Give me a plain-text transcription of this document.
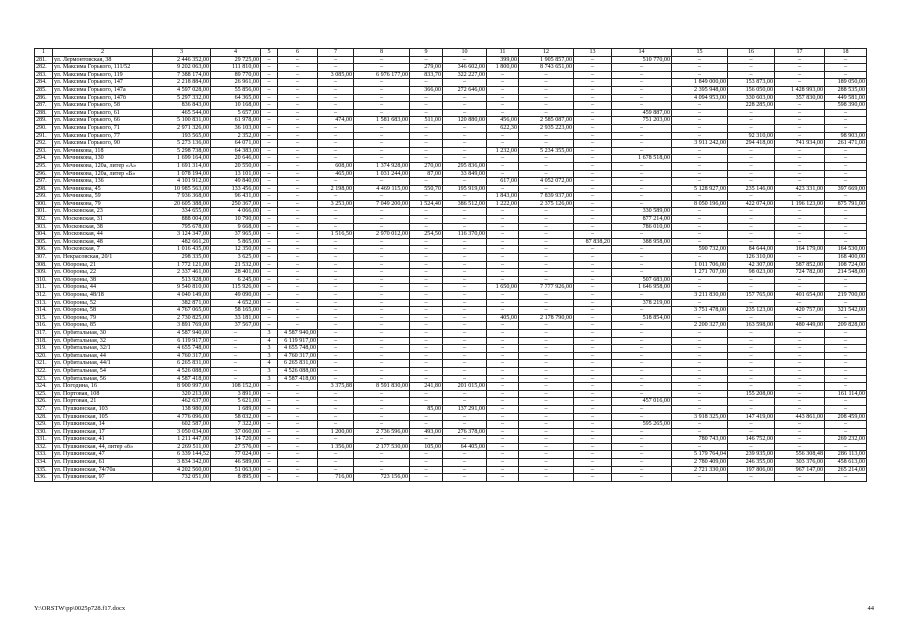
1	2	3	4	5	6	7	8	9	10	11	12	13	14	15	16	17	18
281.	ул. Лермонтовская, 38	2 446 352,00	29 725,00	–	–	–	–	–	–	399,00	1 905 857,00	–	510 770,00	–	–	–	–
282.	ул. Максима Горького, 111/52	9 202 063,00	111 810,00	–	–	–	–	279,00	346 602,00	1 800,00	8 743 651,00	–	–	–	–	–	–
283.	ул. Максима Горького, 119	7 388 174,00	89 770,00	–	–	3 085,00	6 976 177,00	833,70	322 227,00	–	–	–	–	–	–	–	–
284.	ул. Максима Горького, 147	2 218 884,00	26 961,00	–	–	–	–	–	–	–	–	–	–	1 849 000,00	153 873,00	–	189 050,00
285.	ул. Максима Горького, 147а	4 597 028,00	55 856,00	–	–	–	–	366,00	272 646,00	–	–	–	–	2 395 948,00	156 050,00	1 428 993,00	288 535,00
286.	ул. Максима Горького, 147б	5 297 332,00	64 365,00	–	–	–	–	–	–	–	–	–	–	4 094 953,00	330 603,00	357 830,00	449 581,00
287.	ул. Максима Горького, 58	836 843,00	10 168,00	–	–	–	–	–	–	–	–	–	–	–	228 285,00	–	598 390,00
288.	ул. Максима Горького, 61	465 544,00	5 657,00	–	–	–	–	–	–	–	–	–	459 887,00	–	–	–	–
289.	ул. Максима Горького, 66	5 100 831,00	61 978,00	–	–	474,00	1 581 683,00	511,00	120 880,00	456,00	2 585 087,00	–	751 203,00	–	–	–	–
290.	ул. Максима Горького, 71	2 971 326,00	36 103,00	–	–	–	–	–	–	622,30	2 935 223,00	–	–	–	–	–	–
291.	ул. Максима Горького, 77	193 565,00	2 352,00	–	–	–	–	–	–	–	–	–	–	–	92 310,00	–	98 903,00
292.	ул. Максима Горького, 90	5 273 136,00	64 071,00	–	–	–	–	–	–	–	–	–	–	3 911 242,00	294 418,00	741 934,00	261 471,00
293.	ул. Мечникова, 118	5 298 738,00	64 383,00	–	–	–	–	–	–	1 232,00	5 234 355,00	–	–	–	–	–	–
294.	ул. Мечникова, 130	1 699 164,00	20 646,00	–	–	–	–	–	–	–	–	–	1 678 518,00	–	–	–	–
295.	ул. Мечникова, 120а, литер «А»	1 691 314,00	20 550,00	–	–	608,00	1 374 928,00	270,00	295 836,00	–	–	–	–	–	–	–	–
296.	ул. Мечникова, 120а, литер «Б»	1 078 194,00	13 101,00	–	–	465,00	1 031 244,00	87,00	33 849,00	–	–	–	–	–	–	–	–
297.	ул. Мечникова, 136	4 101 912,00	49 840,00	–	–	–	–	–	–	617,00	4 052 072,00	–	–	–	–	–	–
298.	ул. Мечникова, 45	10 985 563,00	133 456,00	–	–	2 198,00	4 469 115,00	550,70	195 919,00	–	–	–	–	5 128 927,00	235 146,00	423 331,00	397 669,00
299.	ул. Мечникова, 59	7 936 368,00	96 431,00	–	–	–	–	–	–	1 843,00	7 839 937,00	–	–	–	–	–	–
300.	ул. Мечникова, 79	20 605 388,00	250 367,00	–	–	3 253,00	7 049 200,00	1 524,40	386 512,00	1 222,00	2 375 126,00	–	–	8 050 196,00	422 074,00	1 196 123,00	875 791,00
301.	ул. Московская, 23	334 655,00	4 066,00	–	–	–	–	–	–	–	–	–	330 589,00	–	–	–	–
302.	ул. Московская, 31	888 004,00	10 790,00	–	–	–	–	–	–	–	–	–	877 214,00	–	–	–	–
303.	ул. Московская, 38	795 678,00	9 668,00	–	–	–	–	–	–	–	–	–	786 010,00	–	–	–	–
304.	ул. Московская, 44	3 124 347,00	37 965,00	–	–	1 516,50	2 970 012,00	254,50	116 370,00	–	–	–	–	–	–	–	–
305.	ул. Московская, 48	482 661,20	5 865,00	–	–	–	–	–	–	–	–	87 838,20	388 958,00	–	–	–	–
306.	ул. Московская, 7	1 016 435,00	12 350,00	–	–	–	–	–	–	–	–	–	–	590 732,00	84 644,00	164 179,00	164 530,00
307.	ул. Некрасовская, 20/1	298 335,00	3 625,00	–	–	–	–	–	–	–	–	–	–	–	126 310,00	–	168 400,00
308.	ул. Обороны, 21	1 772 121,00	21 532,00	–	–	–	–	–	–	–	–	–	–	1 011 706,00	42 307,00	587 852,00	108 724,00
309.	ул. Обороны, 22	2 337 461,00	28 401,00	–	–	–	–	–	–	–	–	–	–	1 271 707,00	98 023,00	724 782,00	214 548,00
310.	ул. Обороны, 38	513 928,00	6 245,00	–	–	–	–	–	–	–	–	–	507 683,00	–	–	–	–
311.	ул. Обороны, 44	9 540 810,00	115 926,00	–	–	–	–	–	–	1 650,00	7 777 926,00	–	1 646 958,00	–	–	–	–
312.	ул. Обороны, 48/18	4 040 149,00	49 090,00	–	–	–	–	–	–	–	–	–	–	3 211 830,00	157 765,00	401 654,00	219 700,00
313.	ул. Обороны, 52	382 871,00	4 652,00	–	–	–	–	–	–	–	–	–	378 219,00	–	–	–	–
314.	ул. Обороны, 58	4 767 065,00	58 165,00	–	–	–	–	–	–	–	–	–	–	3 751 478,00	235 123,00	420 757,00	321 542,00
315.	ул. Обороны, 79	2 730 825,00	33 181,00	–	–	–	–	–	–	405,00	2 178 790,00	–	518 854,00	–	–	–	–
316.	ул. Обороны, 85	3 891 769,00	37 567,00	–	–	–	–	–	–	–	–	–	–	2 200 327,00	163 598,00	480 449,00	209 828,00
317.	ул. Орбитальная, 30	4 587 940,00	–	3	4 587 940,00	–	–	–	–	–	–	–	–	–	–	–	–
318.	ул. Орбитальная, 32	6 119 917,00	–	4	6 119 917,00	–	–	–	–	–	–	–	–	–	–	–	–
319.	ул. Орбитальная, 32/1	4 655 748,00	–	3	4 655 748,00	–	–	–	–	–	–	–	–	–	–	–	–
320.	ул. Орбитальная, 44	4 760 317,00	–	3	4 760 317,00	–	–	–	–	–	–	–	–	–	–	–	–
321.	ул. Орбитальная, 44/1	6 265 831,00	–	4	6 265 831,00	–	–	–	–	–	–	–	–	–	–	–	–
322.	ул. Орбитальная, 54	4 526 088,00	–	3	4 526 088,00	–	–	–	–	–	–	–	–	–	–	–	–
323.	ул. Орбитальная, 56	4 587 418,00	–	3	4 587 418,00	–	–	–	–	–	–	–	–	–	–	–	–
324.	ул. Погодина, 16	8 900 997,00	108 152,00	–	–	3 375,88	8 591 830,00	241,80	201 015,00	–	–	–	–	–	–	–	–
325.	ул. Портовая, 108	320 213,00	3 891,00	–	–	–	–	–	–	–	–	–	–	–	155 208,00	–	161 114,00
326.	ул. Портовая, 21	462 637,00	5 621,00	–	–	–	–	–	–	–	–	–	457 016,00	–	–	–	–
327.	ул. Пушкинская, 103	138 980,00	1 689,00	–	–	–	–	85,00	137 291,00	–	–	–	–	–	–	–	–
328.	ул. Пушкинская, 105	4 776 096,00	58 032,00	–	–	–	–	–	–	–	–	–	–	3 918 325,00	147 419,00	443 861,00	208 459,00
329.	ул. Пушкинская, 14	602 587,00	7 322,00	–	–	–	–	–	–	–	–	–	595 265,00	–	–	–	–
330.	ул. Пушкинская, 17	3 050 034,00	37 060,00	–	–	1 200,00	2 736 596,00	493,00	276 378,00	–	–	–	–	–	–	–	–
331.	ул. Пушкинская, 41	1 211 447,00	14 720,00	–	–	–	–	–	–	–	–	–	–	780 743,00	146 752,00	–	269 232,00
332.	ул. Пушкинская, 44, литер «б»	2 269 511,00	27 576,00	–	–	1 356,00	2 177 530,00	105,00	64 405,00	–	–	–	–	–	–	–	–
333.	ул. Пушкинская, 47	6 339 144,52	77 024,00	–	–	–	–	–	–	–	–	–	–	5 179 764,04	239 935,00	556 308,48	286 113,00
334.	ул. Пушкинская, 61	3 834 342,00	46 589,00	–	–	–	–	–	–	–	–	–	–	2 780 409,00	246 355,00	303 376,00	458 613,00
335.	ул. Пушкинская, 74/70а	4 202 560,00	51 063,00	–	–	–	–	–	–	–	–	–	–	2 721 330,00	197 806,00	967 147,00	265 214,00
336.	ул. Пушкинская, 97	732 051,00	8 895,00	–	–	716,00	723 156,00	–	–	–	–	–	–	–	–	–	–
Y:\ORSTW\pp\0025p728.f17.docx	44
